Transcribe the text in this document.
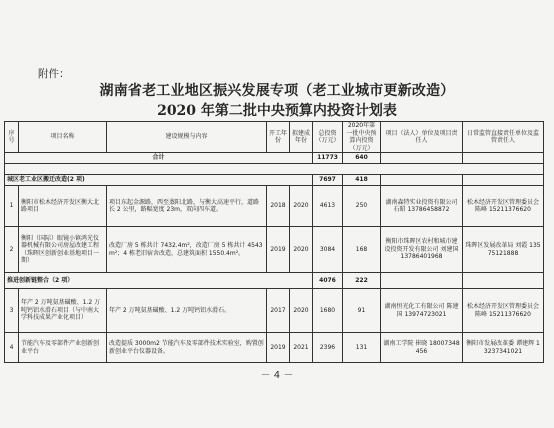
附件：
湖南省老工业地区振兴发展专项（老工业城市更新改造）
2020 年第二批中央预算内投资计划表
序号	项目名称	建设规模与内容	开工年份	拟建成年份	总投资（万元）	2020年第一批中央预算内投资（万元）	项目（法人）单位及项目责任人	日常监管直接责任单位及监管责任人
合计					11773	640		

城区老工业区搬迁改造(2 项)					7697	418		
1	衡阳市松木经济开发区衡大北路项目	项目东起金源路，西至蒸阳北路，与衡大高速平行，道路长 2 公里，路幅宽度 23m，双向四车道。	2018	2020	4613	250	湖南森特实业投资有限公司 石昭 13786458872	松木经济开发区管理委员会 陈峰 15211376620
2	衡阳（国际）眼镜小镇鸿光仪器机械有限公司房屋改建工程（珠晖区创新创业基地项目一期）	改造厂房 5 栋共计 7432.4m²，改造厂房 5 栋共计 4543m²；4 栋老旧宿舍改造，总建筑面积 1550.4m²。	2019	2020	3084	168	衡阳市珠晖区农村和城市建设投资开发有限公司 刘建国 13786401968	珠晖区发展改革局 刘霞 13575121888
推进创新链整合（2 项）					4076	222		
3	年产 2 万吨氨基磺酸、1.2 万吨钙铝水滑石项目（与中南大学科技成果产业化项目）	年产 2 万吨氨基磺酸、1.2 万吨钙铝水滑石。	2017	2020	1680	91	湖南恒光化工有限公司 陈建国 13974723021	松木经济开发区管理委员会 陈峰 15211376620
4	节能汽车及零部件产业创新创业平台	改造提质 3000m2 节能汽车及零部件技术实验室，购置创新创业平台仪器设备。	2019	2021	2396	131	湖南工学院 崔晓 18007348456	衡阳市发展改革委 谭建辉 13237341021
－ 4 －
